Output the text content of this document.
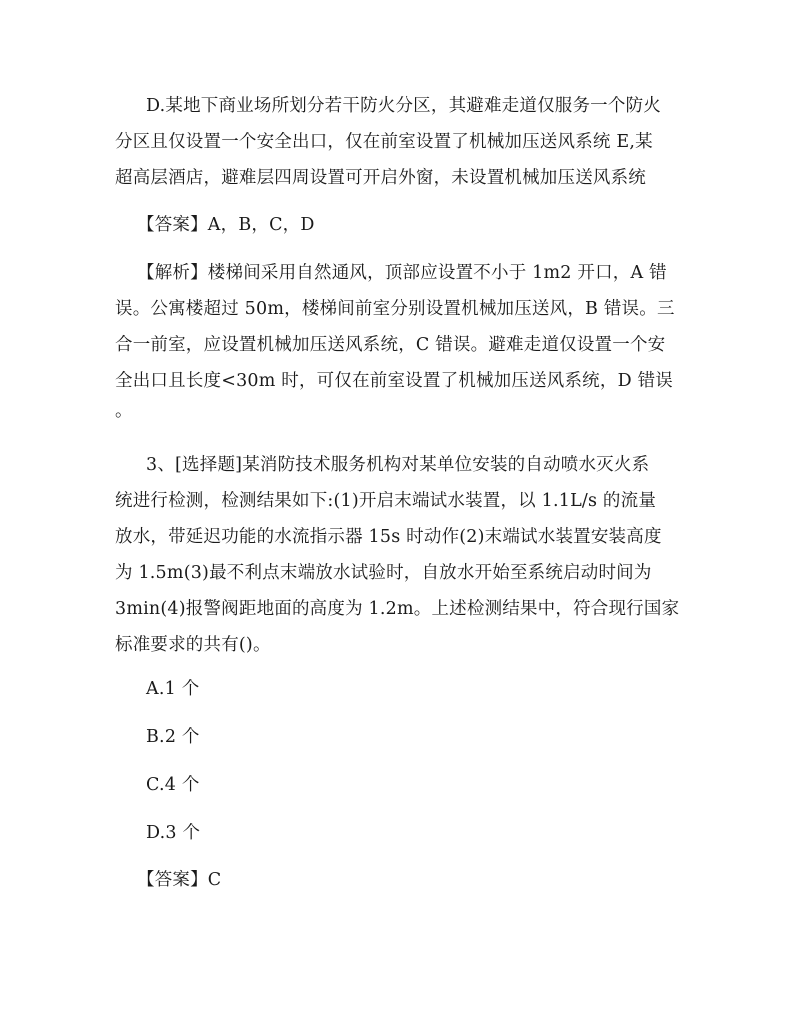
D.某地下商业场所划分若干防火分区，其避难走道仅服务一个防火
分区且仅设置一个安全出口，仅在前室设置了机械加压送风系统 E,某
超高层酒店，避难层四周设置可开启外窗，未设置机械加压送风系统
【答案】A，B，C，D
【解析】楼梯间采用自然通风，顶部应设置不小于 1m2 开口，A 错
误。公寓楼超过 50m，楼梯间前室分别设置机械加压送风，B 错误。三
合一前室，应设置机械加压送风系统，C 错误。避难走道仅设置一个安
全出口且长度<30m 时，可仅在前室设置了机械加压送风系统，D 错误
。
3、[选择题]某消防技术服务机构对某单位安装的自动喷水灭火系
统进行检测，检测结果如下:(1)开启末端试水装置，以 1.1L/s 的流量
放水，带延迟功能的水流指示器 15s 时动作(2)末端试水装置安装高度
为 1.5m(3)最不利点末端放水试验时，自放水开始至系统启动时间为
3min(4)报警阀距地面的高度为 1.2m。上述检测结果中，符合现行国家
标准要求的共有()。
A.1 个
B.2 个
C.4 个
D.3 个
【答案】C
